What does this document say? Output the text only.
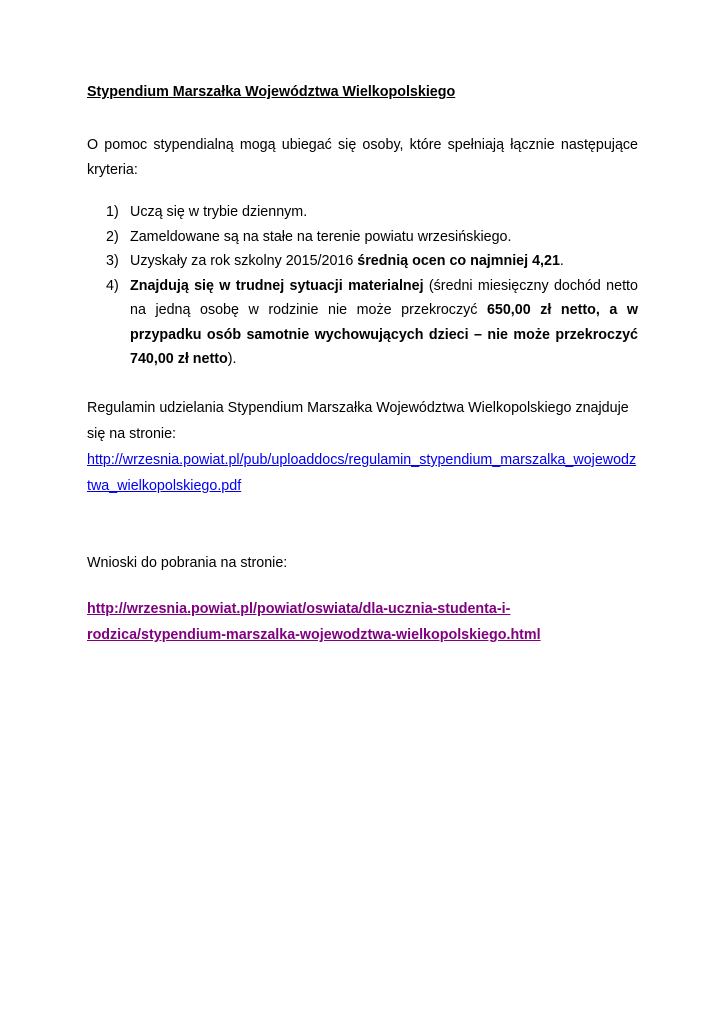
Stypendium Marszałka Województwa Wielkopolskiego
O pomoc stypendialną mogą ubiegać się osoby, które spełniają łącznie następujące kryteria:
1) Uczą się w trybie dziennym.
2) Zameldowane są na stałe na terenie powiatu wrzesińskiego.
3) Uzyskały za rok szkolny 2015/2016 średnią ocen co najmniej 4,21.
4) Znajdują się w trudnej sytuacji materialnej (średni miesięczny dochód netto na jedną osobę w rodzinie nie może przekroczyć 650,00 zł netto, a w przypadku osób samotnie wychowujących dzieci – nie może przekroczyć 740,00 zł netto).
Regulamin udzielania Stypendium Marszałka Województwa Wielkopolskiego znajduje się na stronie:
http://wrzesnia.powiat.pl/pub/uploaddocs/regulamin_stypendium_marszalka_wojewodztwa_wielkopolskiego.pdf
Wnioski do pobrania na stronie:
http://wrzesnia.powiat.pl/powiat/oswiata/dla-ucznia-studenta-i-rodzica/stypendium-marszalka-wojewodztwa-wielkopolskiego.html
